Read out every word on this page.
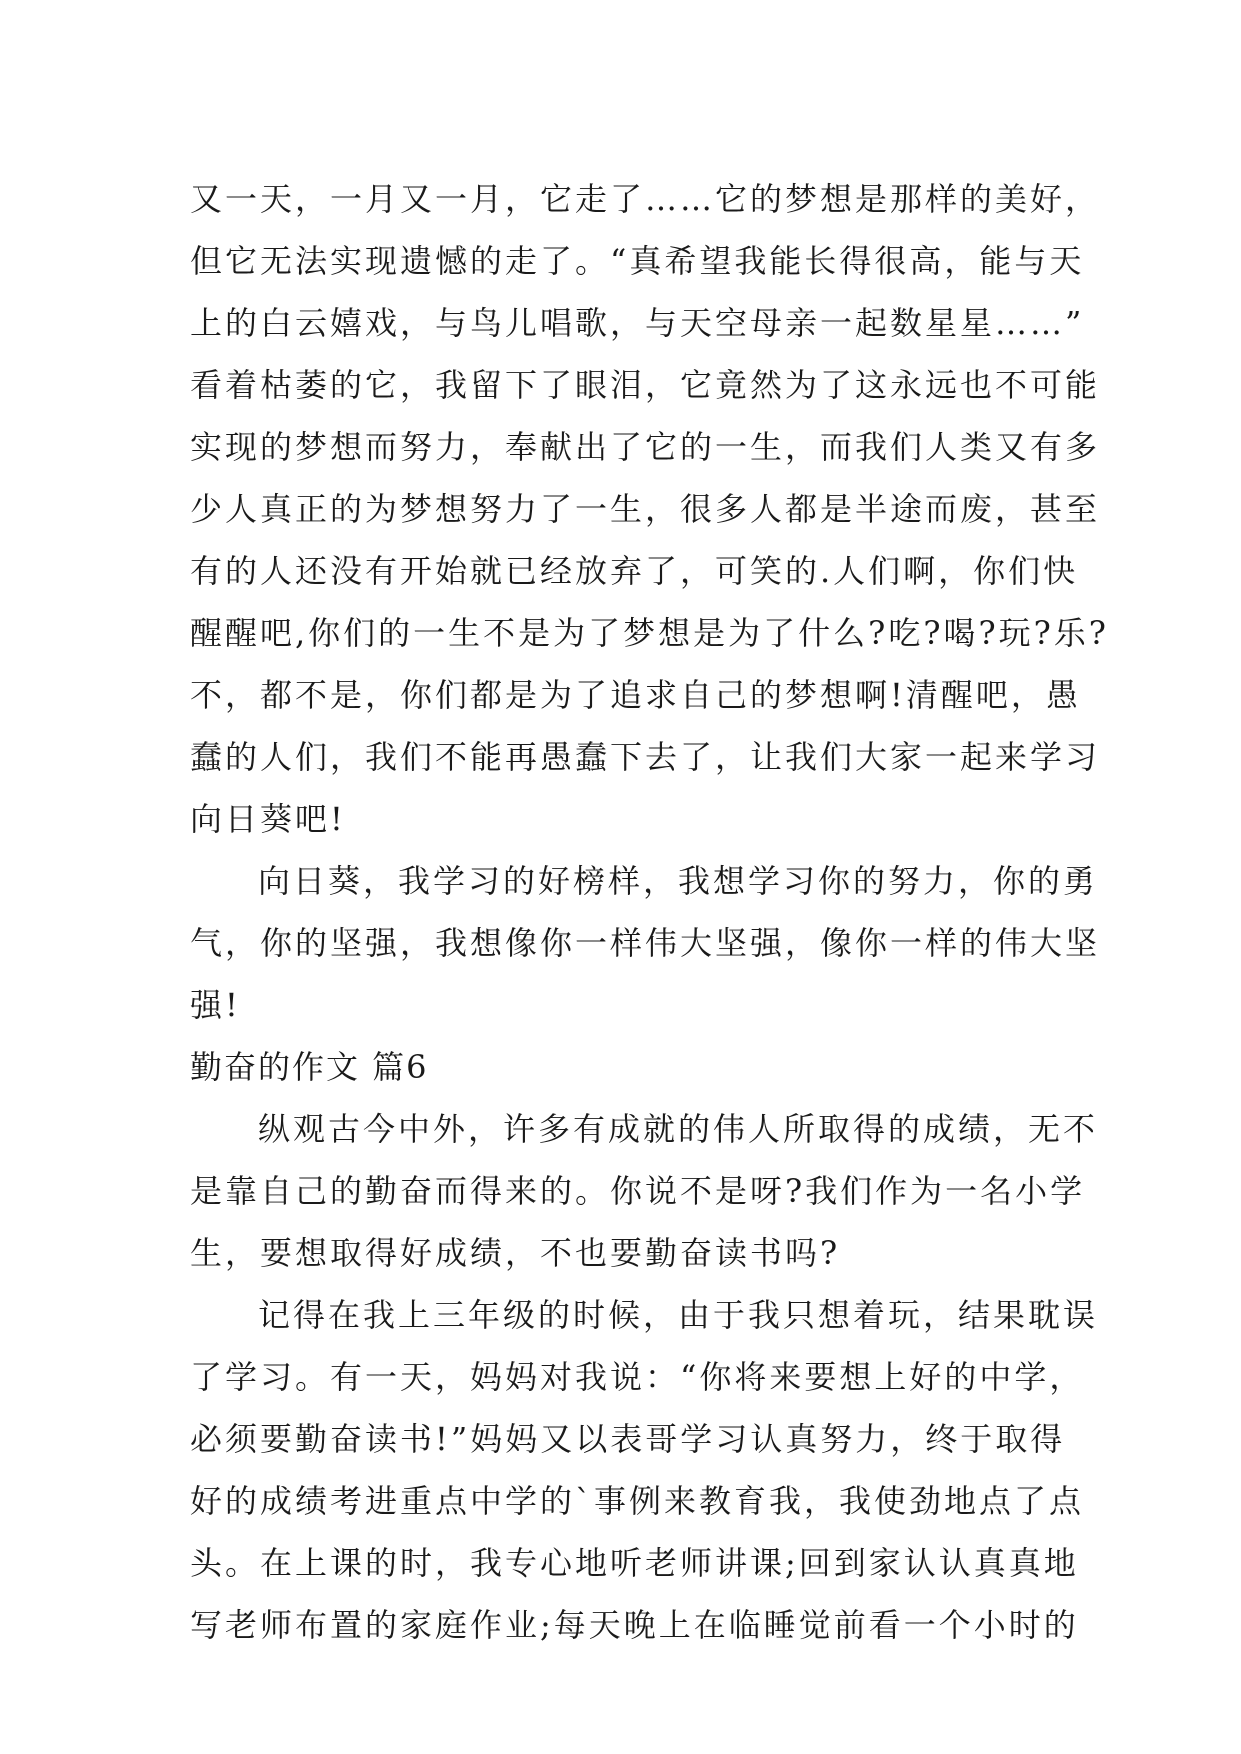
又一天，一月又一月，它走了……它的梦想是那样的美好，
但它无法实现遗憾的走了。“真希望我能长得很高，能与天
上的白云嬉戏，与鸟儿唱歌，与天空母亲一起数星星……”
看着枯萎的它，我留下了眼泪，它竟然为了这永远也不可能
实现的梦想而努力，奉献出了它的一生，而我们人类又有多
少人真正的为梦想努力了一生，很多人都是半途而废，甚至
有的人还没有开始就已经放弃了，可笑的.人们啊，你们快
醒醒吧,你们的一生不是为了梦想是为了什么?吃?喝?玩?乐?
不，都不是，你们都是为了追求自己的梦想啊!清醒吧，愚
蠢的人们，我们不能再愚蠢下去了，让我们大家一起来学习
向日葵吧!
向日葵，我学习的好榜样，我想学习你的努力，你的勇
气，你的坚强，我想像你一样伟大坚强，像你一样的伟大坚
强!
勤奋的作文 篇6
纵观古今中外，许多有成就的伟人所取得的成绩，无不
是靠自己的勤奋而得来的。你说不是呀?我们作为一名小学
生，要想取得好成绩，不也要勤奋读书吗?
记得在我上三年级的时候，由于我只想着玩，结果耽误
了学习。有一天，妈妈对我说：“你将来要想上好的中学，
必须要勤奋读书!”妈妈又以表哥学习认真努力，终于取得
好的成绩考进重点中学的`事例来教育我，我使劲地点了点
头。在上课的时，我专心地听老师讲课;回到家认认真真地
写老师布置的家庭作业;每天晚上在临睡觉前看一个小时的
